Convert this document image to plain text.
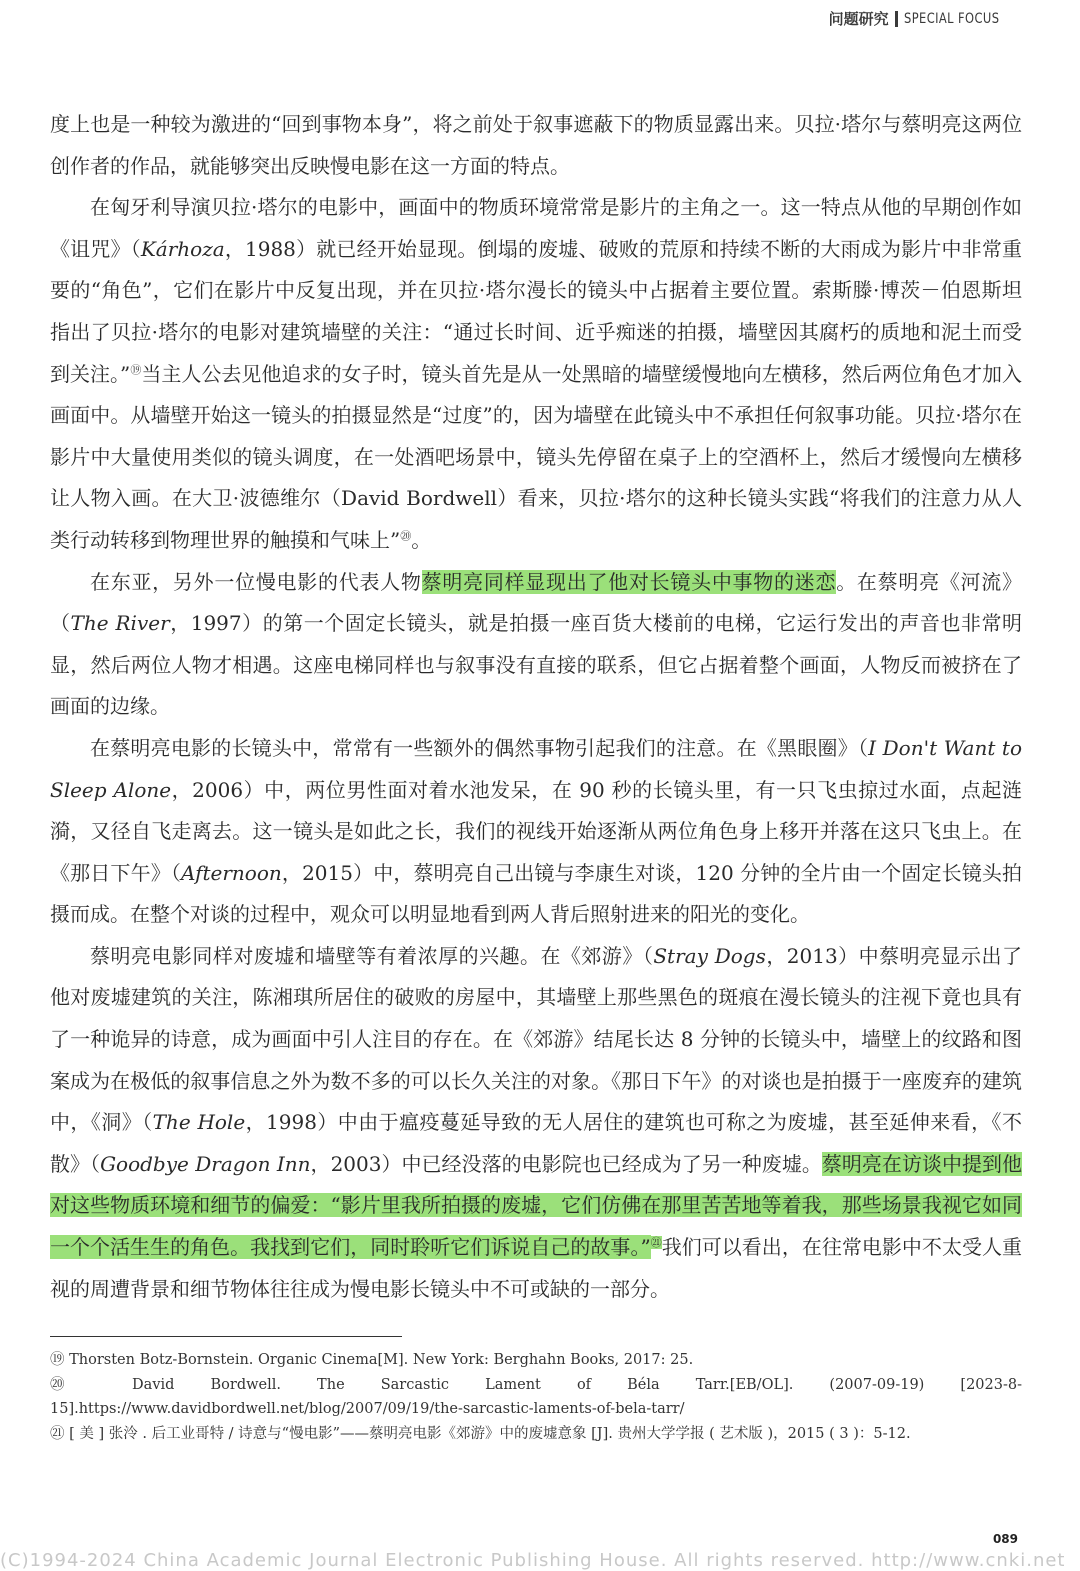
问题研究 SPECIAL FOCUS

度上也是一种较为激进的“回到事物本身”，将之前处于叙事遮蔽下的物质显露出来。贝拉·塔尔与蔡明亮这两位创作者的作品，就能够突出反映慢电影在这一方面的特点。

在匈牙利导演贝拉·塔尔的电影中，画面中的物质环境常常是影片的主角之一。这一特点从他的早期创作如《诅咒》（Kárhoza，1988）就已经开始显现。倒塌的废墟、破败的荒原和持续不断的大雨成为影片中非常重要的“角色”，它们在影片中反复出现，并在贝拉·塔尔漫长的镜头中占据着主要位置。索斯滕·博茨－伯恩斯坦指出了贝拉·塔尔的电影对建筑墙壁的关注：“通过长时间、近乎痴迷的拍摄，墙壁因其腐朽的质地和泥土而受到关注。”⑲当主人公去见他追求的女子时，镜头首先是从一处黑暗的墙壁缓慢地向左横移，然后两位角色才加入画面中。从墙壁开始这一镜头的拍摄显然是“过度”的，因为墙壁在此镜头中不承担任何叙事功能。贝拉·塔尔在影片中大量使用类似的镜头调度，在一处酒吧场景中，镜头先停留在桌子上的空酒杯上，然后才缓慢向左横移让人物入画。在大卫·波德维尔（David Bordwell）看来，贝拉·塔尔的这种长镜头实践“将我们的注意力从人类行动转移到物理世界的触摸和气味上”⑳。

在东亚，另外一位慢电影的代表人物蔡明亮同样显现出了他对长镜头中事物的迷恋。在蔡明亮《河流》（The River，1997）的第一个固定长镜头，就是拍摄一座百货大楼前的电梯，它运行发出的声音也非常明显，然后两位人物才相遇。这座电梯同样也与叙事没有直接的联系，但它占据着整个画面，人物反而被挤在了画面的边缘。

在蔡明亮电影的长镜头中，常常有一些额外的偶然事物引起我们的注意。在《黑眼圈》（I Don't Want to Sleep Alone，2006）中，两位男性面对着水池发呆，在 90 秒的长镜头里，有一只飞虫掠过水面，点起涟漪，又径自飞走离去。这一镜头是如此之长，我们的视线开始逐渐从两位角色身上移开并落在这只飞虫上。在《那日下午》（Afternoon，2015）中，蔡明亮自己出镜与李康生对谈，120 分钟的全片由一个固定长镜头拍摄而成。在整个对谈的过程中，观众可以明显地看到两人背后照射进来的阳光的变化。

蔡明亮电影同样对废墟和墙壁等有着浓厚的兴趣。在《郊游》（Stray Dogs，2013）中蔡明亮显示出了他对废墟建筑的关注，陈湘琪所居住的破败的房屋中，其墙壁上那些黑色的斑痕在漫长镜头的注视下竟也具有了一种诡异的诗意，成为画面中引人注目的存在。在《郊游》结尾长达 8 分钟的长镜头中，墙壁上的纹路和图案成为在极低的叙事信息之外为数不多的可以长久关注的对象。《那日下午》的对谈也是拍摄于一座废弃的建筑中，《洞》（The Hole，1998）中由于瘟疫蔓延导致的无人居住的建筑也可称之为废墟，甚至延伸来看，《不散》（Goodbye Dragon Inn，2003）中已经没落的电影院也已经成为了另一种废墟。蔡明亮在访谈中提到他对这些物质环境和细节的偏爱：“影片里我所拍摄的废墟，它们仿佛在那里苦苦地等着我，那些场景我视它如同一个个活生生的角色。我找到它们，同时聆听它们诉说自己的故事。”$^㉑$我们可以看出，在往常电影中不太受人重视的周遭背景和细节物体往往成为慢电影长镜头中不可或缺的一部分。

⑲ Thorsten Botz-Bornstein. Organic Cinema[M]. New York: Berghahn Books, 2017: 25.
⑳ David Bordwell. The Sarcastic Lament of Béla Tarr.[EB/OL]. (2007-09-19) [2023-8-15].https://www.davidbordwell.net/blog/2007/09/19/the-sarcastic-laments-of-bela-tarr/
㉑ [ 美 ] 张泠 . 后工业哥特 / 诗意与“慢电影”——蔡明亮电影《郊游》中的废墟意象 [J]. 贵州大学学报 ( 艺术版 )，2015 ( 3 )：5-12.
089
(C)1994-2024 China Academic Journal Electronic Publishing House. All rights reserved. http://www.cnki.net
